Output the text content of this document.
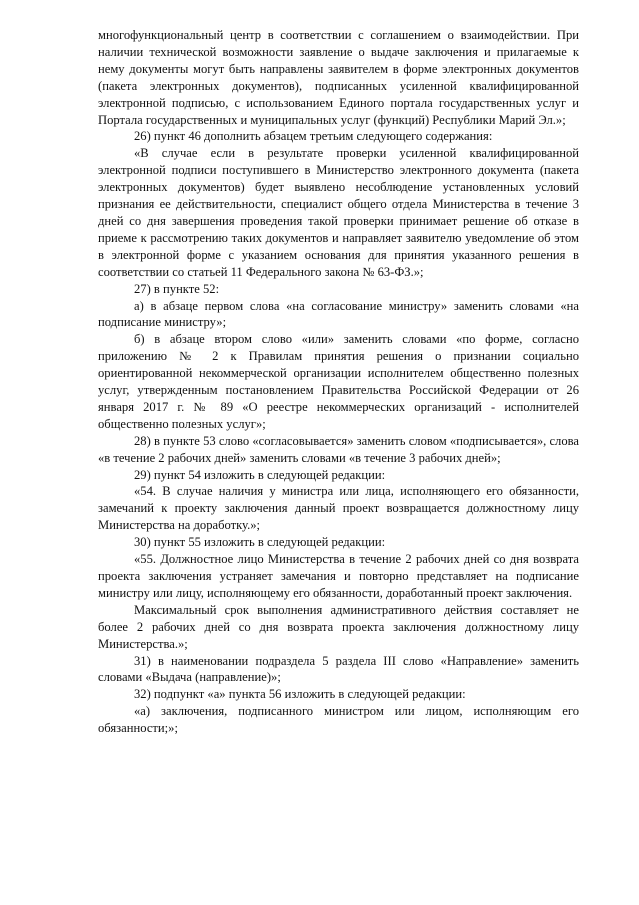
многофункциональный центр в соответствии с соглашением о взаимодействии. При наличии технической возможности заявление о выдаче заключения и прилагаемые к нему документы могут быть направлены заявителем в форме электронных документов (пакета электронных документов), подписанных усиленной квалифицированной электронной подписью, с использованием Единого портала государственных услуг и Портала государственных и муниципальных услуг (функций) Республики Марий Эл.»;

26) пункт 46 дополнить абзацем третьим следующего содержания:

«В случае если в результате проверки усиленной квалифицированной электронной подписи поступившего в Министерство электронного документа (пакета электронных документов) будет выявлено несоблюдение установленных условий признания ее действительности, специалист общего отдела Министерства в течение 3 дней со дня завершения проведения такой проверки принимает решение об отказе в приеме к рассмотрению таких документов и направляет заявителю уведомление об этом в электронной форме с указанием основания для принятия указанного решения в соответствии со статьей 11 Федерального закона № 63-ФЗ.»;

27) в пункте 52:

а) в абзаце первом слова «на согласование министру» заменить словами «на подписание министру»;

б) в абзаце втором слово «или» заменить словами «по форме, согласно приложению № 2 к Правилам принятия решения о признании социально ориентированной некоммерческой организации исполнителем общественно полезных услуг, утвержденным постановлением Правительства Российской Федерации от 26 января 2017 г. № 89 «О реестре некоммерческих организаций - исполнителей общественно полезных услуг»;

28) в пункте 53 слово «согласовывается» заменить словом «подписывается», слова «в течение 2 рабочих дней» заменить словами «в течение 3 рабочих дней»;

29) пункт 54 изложить в следующей редакции:

«54. В случае наличия у министра или лица, исполняющего его обязанности, замечаний к проекту заключения данный проект возвращается должностному лицу Министерства на доработку.»;

30) пункт 55 изложить в следующей редакции:

«55. Должностное лицо Министерства в течение 2 рабочих дней со дня возврата проекта заключения устраняет замечания и повторно представляет на подписание министру или лицу, исполняющему его обязанности, доработанный проект заключения.

Максимальный срок выполнения административного действия составляет не более 2 рабочих дней со дня возврата проекта заключения должностному лицу Министерства.»;

31) в наименовании подраздела 5 раздела III слово «Направление» заменить словами «Выдача (направление)»;

32) подпункт «а» пункта 56 изложить в следующей редакции:

«а) заключения, подписанного министром или лицом, исполняющим его обязанности;»;
